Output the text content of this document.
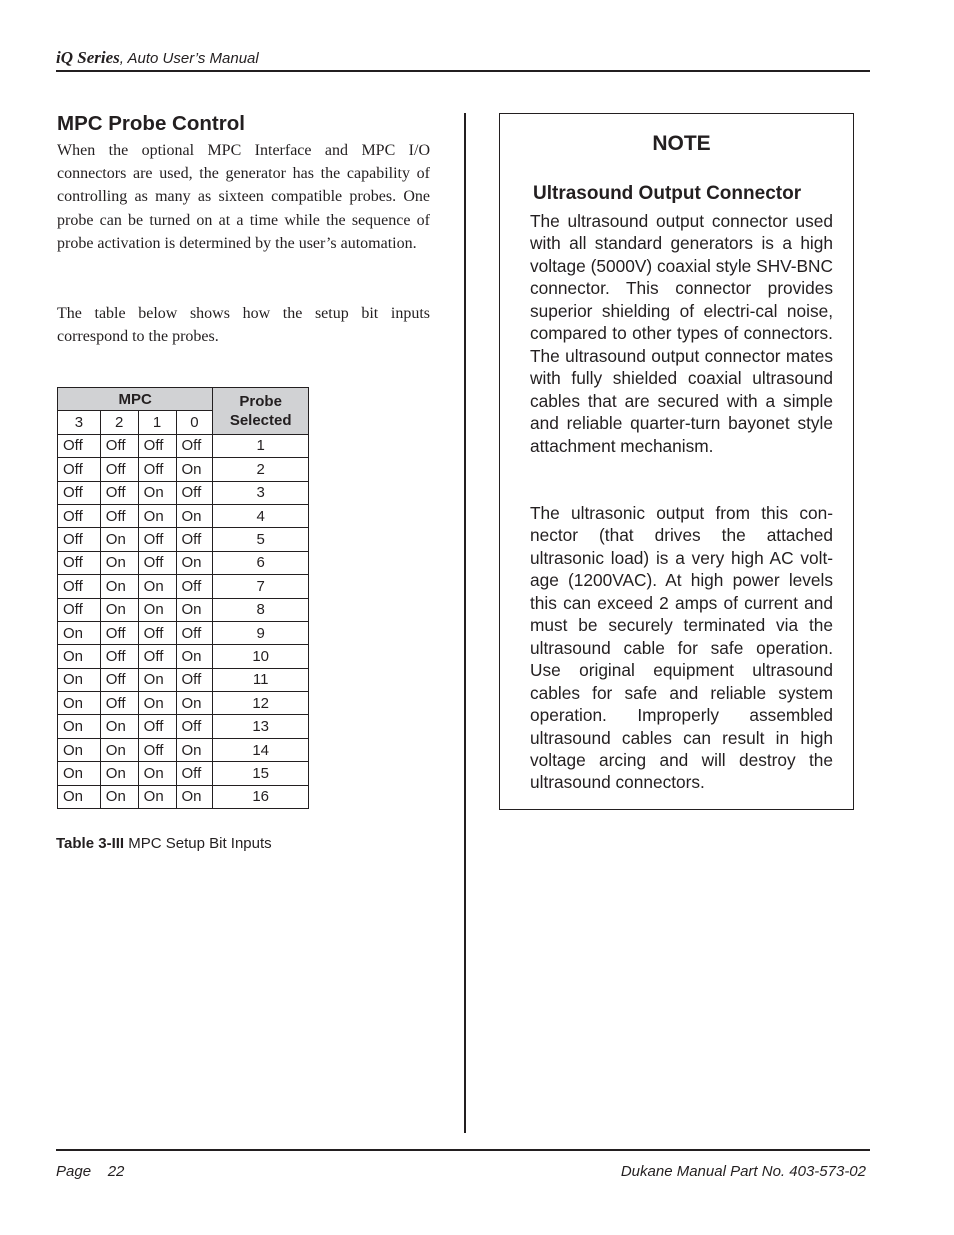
iQ Series, Auto User’s Manual
MPC Probe Control

When the optional MPC Interface and MPC I/O connectors are used, the generator has the capability of controlling as many as sixteen compatible probes. One probe can be turned on at a time while the sequence of probe activation is determined by the user’s automation.

The table below shows how the setup bit inputs correspond to the probes.

MPC				Probe
Selected
3	2	1	0	
Off	Off	Off	Off	1
Off	Off	Off	On	2
Off	Off	On	Off	3
Off	Off	On	On	4
Off	On	Off	Off	5
Off	On	Off	On	6
Off	On	On	Off	7
Off	On	On	On	8
On	Off	Off	Off	9
On	Off	Off	On	10
On	Off	On	Off	11
On	Off	On	On	12
On	On	Off	Off	13
On	On	Off	On	14
On	On	On	Off	15
On	On	On	On	16
Table 3-III MPC Setup Bit Inputs
NOTE
Ultrasound Output Connector

The ultrasound output connector used with all standard generators is a high voltage (5000V) coaxial style SHV-BNC connector. This connector provides superior shielding of electri-cal noise, compared to other types of connectors. The ultrasound output connector mates with fully shielded coaxial ultrasound cables that are secured with a simple and reliable quarter-turn bayonet style attachment mechanism.

The ultrasonic output from this con-nector (that drives the attached ultrasonic load) is a very high AC volt-age (1200VAC). At high power levels this can exceed 2 amps of current and must be securely terminated via the ultrasound cable for safe operation. Use original equipment ultrasound cables for safe and reliable system operation. Improperly assembled ultrasound cables can result in high voltage arcing and will destroy the ultrasound connectors.

Page 22	Dukane Manual Part No. 403-573-02
